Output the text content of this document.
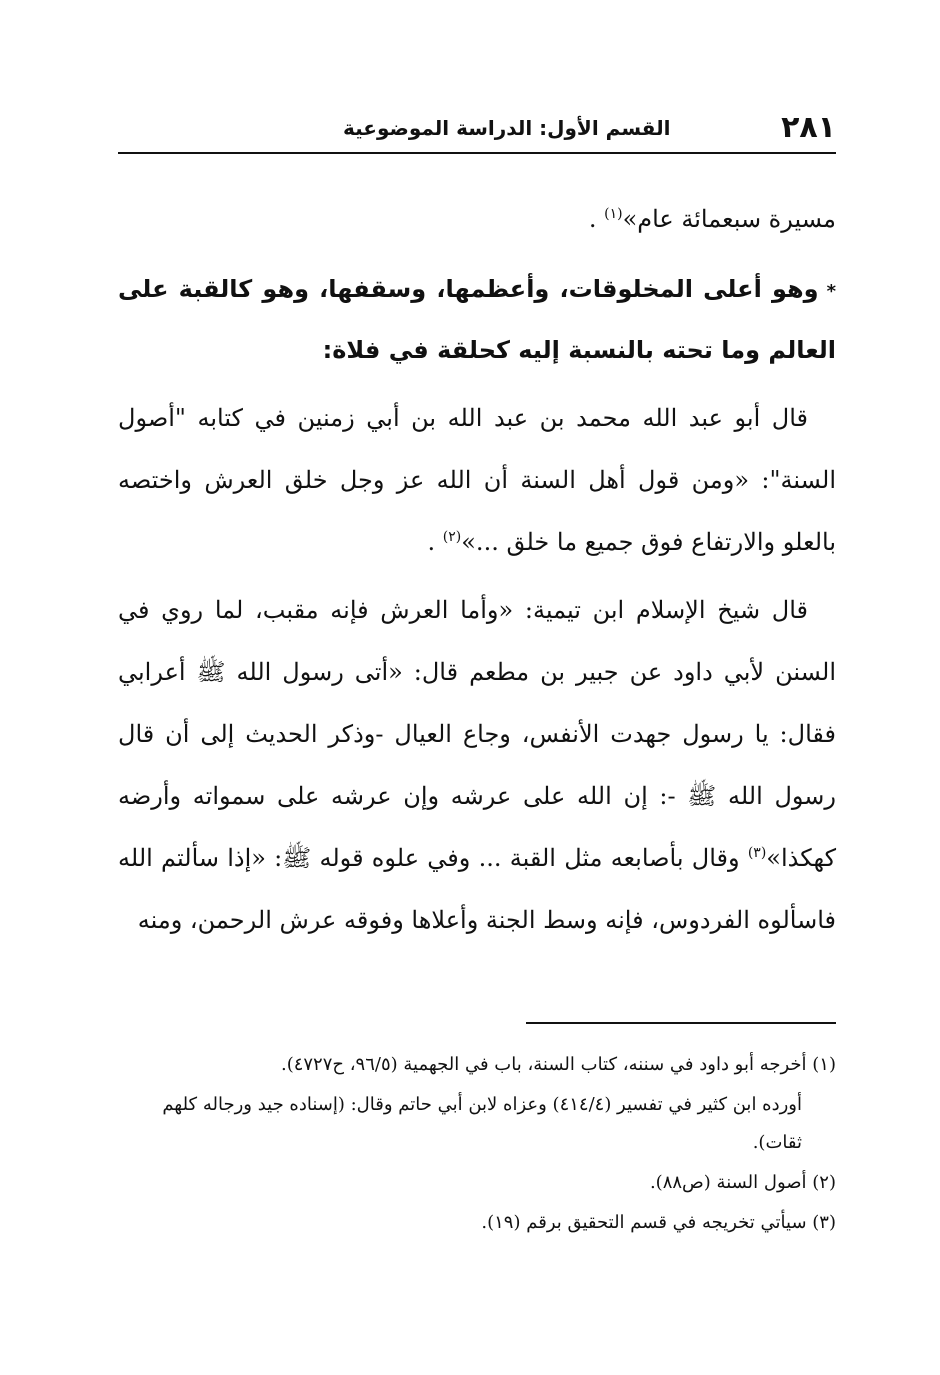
٢٨١
القسم الأول: الدراسة الموضوعية

مسيرة سبعمائة عام»$^{(١)}$ .

*وهو أعلى المخلوقات، وأعظمها، وسقفها، وهو كالقبة على العالم وما تحته بالنسبة إليه كحلقة في فلاة:

قال أبو عبد الله محمد بن عبد الله بن أبي زمنين في كتابه "أصول السنة": «ومن قول أهل السنة أن الله عز وجل خلق العرش واختصه بالعلو والارتفاع فوق جميع ما خلق ...»$^{(٢)}$ .

قال شيخ الإسلام ابن تيمية: «وأما العرش فإنه مقبب، لما روي في السنن لأبي داود عن جبير بن مطعم قال: «أتى رسول الله ﷺ أعرابي فقال: يا رسول جهدت الأنفس، وجاع العيال -وذكر الحديث إلى أن قال رسول الله ﷺ -: إن الله على عرشه وإن عرشه على سمواته وأرضه كهكذا»$^{(٣)}$ وقال بأصابعه مثل القبة ... وفي علوه قوله ﷺ: «إذا سألتم الله فاسألوه الفردوس، فإنه وسط الجنة وأعلاها وفوقه عرش الرحمن، ومنه

(١) أخرجه أبو داود في سننه، كتاب السنة، باب في الجهمية (٩٦/٥، ح٤٧٢٧).

أورده ابن كثير في تفسير (٤١٤/٤) وعزاه لابن أبي حاتم وقال: (إسناده جيد ورجاله كلهم ثقات).

(٢) أصول السنة (ص٨٨).

(٣) سيأتي تخريجه في قسم التحقيق برقم (١٩).
